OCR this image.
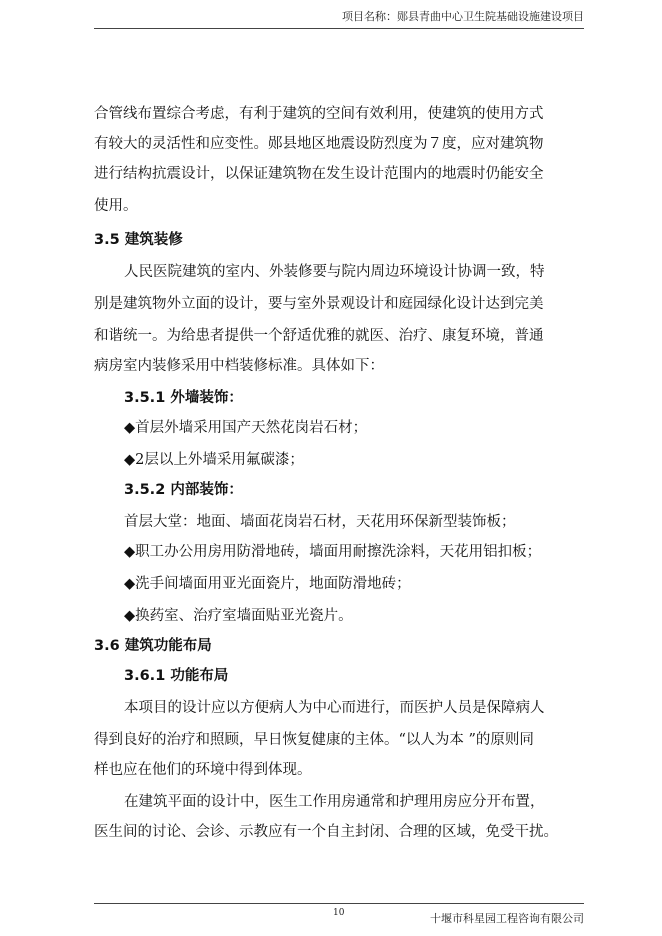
项目名称：郧县青曲中心卫生院基础设施建设项目
合管线布置综合考虑，有利于建筑的空间有效利用，使建筑的使用方式
有较大的灵活性和应变性。郧县地区地震设防烈度为７度，应对建筑物
进行结构抗震设计，以保证建筑物在发生设计范围内的地震时仍能安全
使用。
3.5 建筑装修
人民医院建筑的室内、外装修要与院内周边环境设计协调一致，特
别是建筑物外立面的设计，要与室外景观设计和庭园绿化设计达到完美
和谐统一。为给患者提供一个舒适优雅的就医、治疗、康复环境，普通
病房室内装修采用中档装修标准。具体如下：
3.5.1 外墙装饰：
◆首层外墙采用国产天然花岗岩石材；
◆2层以上外墙采用氟碳漆；
3.5.2 内部装饰：
首层大堂：地面、墙面花岗岩石材，天花用环保新型装饰板；
◆职工办公用房用防滑地砖，墙面用耐擦洗涂料，天花用铝扣板；
◆洗手间墙面用亚光面瓷片，地面防滑地砖；
◆换药室、治疗室墙面贴亚光瓷片。
3.6 建筑功能布局
3.6.1 功能布局
本项目的设计应以方便病人为中心而进行，而医护人员是保障病人
得到良好的治疗和照顾，早日恢复健康的主体。“以人为本 ”的原则同
样也应在他们的环境中得到体现。
在建筑平面的设计中，医生工作用房通常和护理用房应分开布置，
医生间的讨论、会诊、示教应有一个自主封闭、合理的区域，免受干扰。
10	十堰市科星园工程咨询有限公司
